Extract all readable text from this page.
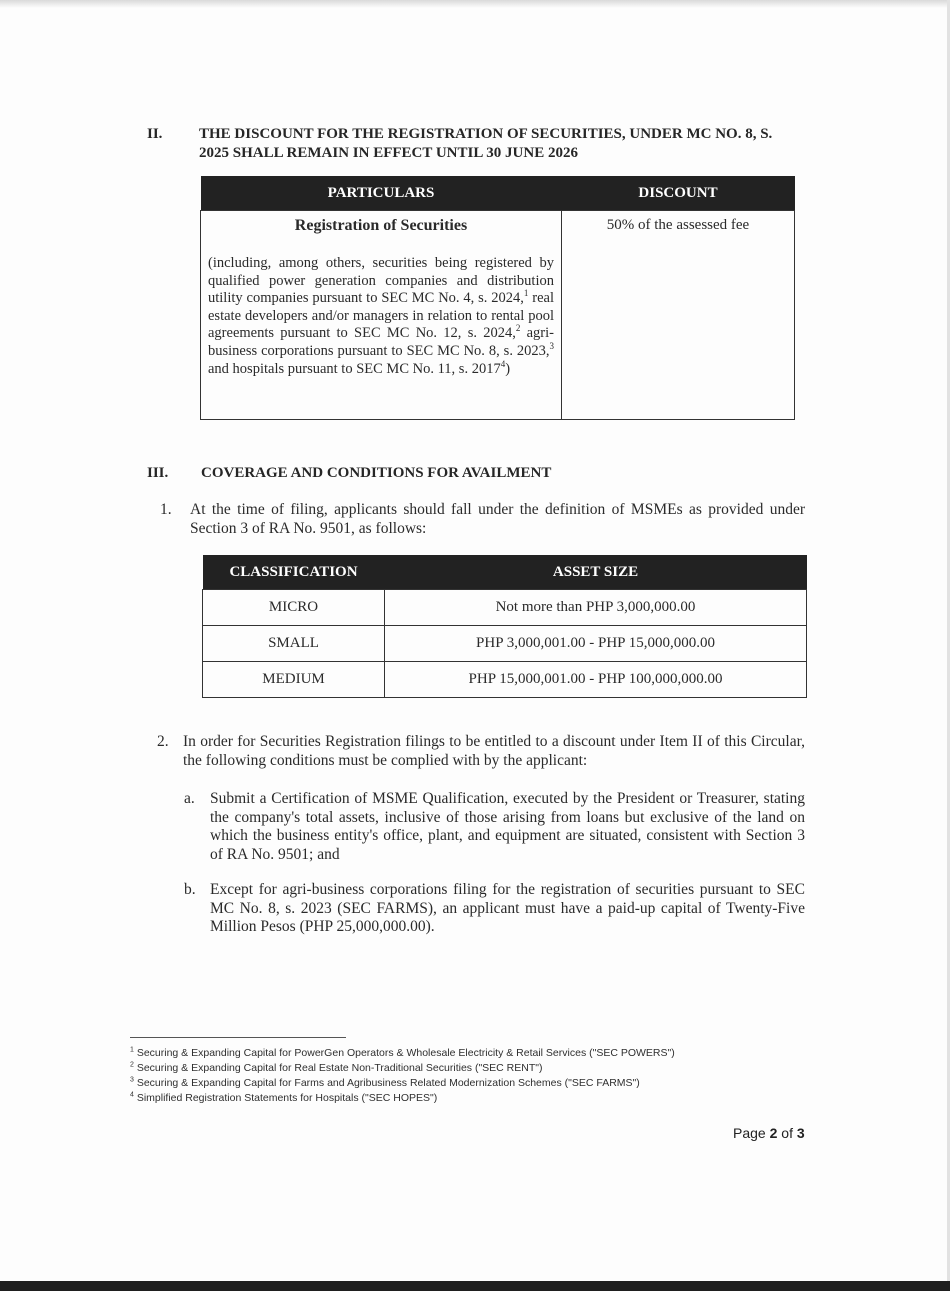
II. THE DISCOUNT FOR THE REGISTRATION OF SECURITIES, UNDER MC NO. 8, S.
2025 SHALL REMAIN IN EFFECT UNTIL 30 JUNE 2026
PARTICULARS	DISCOUNT

Registration of Securities

(including, among others, securities being registered by qualified power generation companies and distribution utility companies pursuant to SEC MC No. 4, s. 2024,$^1$ real estate developers and/or managers in relation to rental pool agreements pursuant to SEC MC No. 12, s. 2024,$^2$ agri-business corporations pursuant to SEC MC No. 8, s. 2023,$^3$ and hospitals pursuant to SEC MC No. 11, s. 2017$^4$)	50% of the assessed fee
III. COVERAGE AND CONDITIONS FOR AVAILMENT
1. At the time of filing, applicants should fall under the definition of MSMEs as provided under Section 3 of RA No. 9501, as follows:

CLASSIFICATION	ASSET SIZE
MICRO	Not more than PHP 3,000,000.00
SMALL	PHP 3,000,001.00 - PHP 15,000,000.00
MEDIUM	PHP 15,000,001.00 - PHP 100,000,000.00
2. In order for Securities Registration filings to be entitled to a discount under Item II of this Circular, the following conditions must be complied with by the applicant:

a. Submit a Certification of MSME Qualification, executed by the President or Treasurer, stating the company's total assets, inclusive of those arising from loans but exclusive of the land on which the business entity's office, plant, and equipment are situated, consistent with Section 3 of RA No. 9501; and

b. Except for agri-business corporations filing for the registration of securities pursuant to SEC MC No. 8, s. 2023 (SEC FARMS), an applicant must have a paid-up capital of Twenty-Five Million Pesos (PHP 25,000,000.00).

$^1$ Securing & Expanding Capital for PowerGen Operators & Wholesale Electricity & Retail Services ("SEC POWERS")
$^2$ Securing & Expanding Capital for Real Estate Non-Traditional Securities ("SEC RENT")
$^3$ Securing & Expanding Capital for Farms and Agribusiness Related Modernization Schemes ("SEC FARMS")
$^4$ Simplified Registration Statements for Hospitals ("SEC HOPES")
Page 2 of 3
